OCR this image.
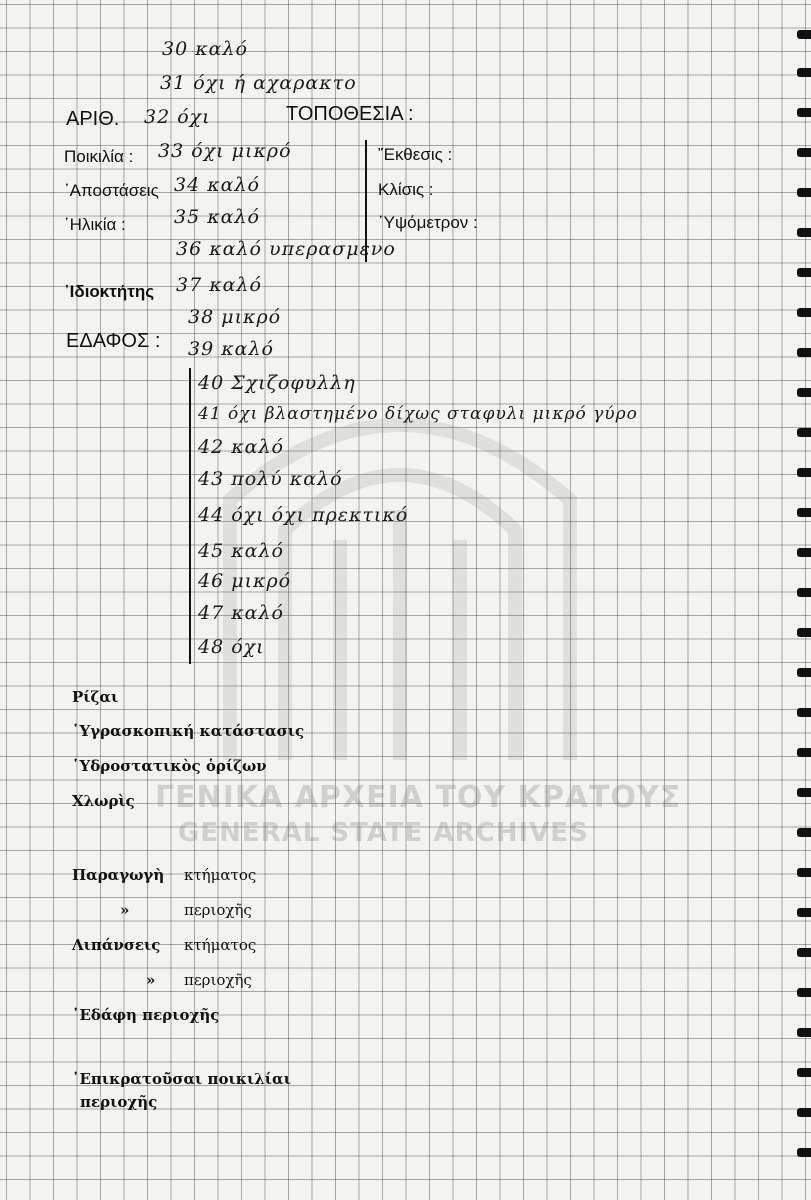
ΓΕΝΙΚΑ ΑΡΧΕΙΑ ΤΟΥ ΚΡΑΤΟΥΣ
GENERAL STATE ARCHIVES
ΑΡΙΘ.	ΤΟΠΟΘΕΣΙΑ :
Ποικιλία :
᾿Αποστάσεις
῾Ηλικία :
᾿Ιδιοκτήτης
ΕΔΑΦΟΣ :
῎Εκθεσις :
Κλίσις :
῾Υψόμετρον :
30 καλό
31 όχι ή αχαρακτο
32 όχι
33 όχι μικρό
34 καλό
35 καλό
36 καλό υπερασμενο
37 καλό
38 μικρό
39 καλό
40 Σχιζοφυλλη
41 όχι βλαστημένο δίχως σταφυλι μικρό γύρο
42 καλό
43 πολύ καλό
44 όχι όχι πρεκτικό
45 καλό
46 μικρό
47 καλό
48 όχι
Ρίζαι
῾Υγρασκοπική κατάστασις
῾Υδροστατικὸς ὁρίζων
Χλωρὶς
Παραγωγὴ κτήματος
»	περιοχῆς
Λιπάνσεις κτήματος
» περιοχῆς
᾿Εδάφη περιοχῆς
᾿Επικρατοῦσαι ποικιλίαι
περιοχῆς
